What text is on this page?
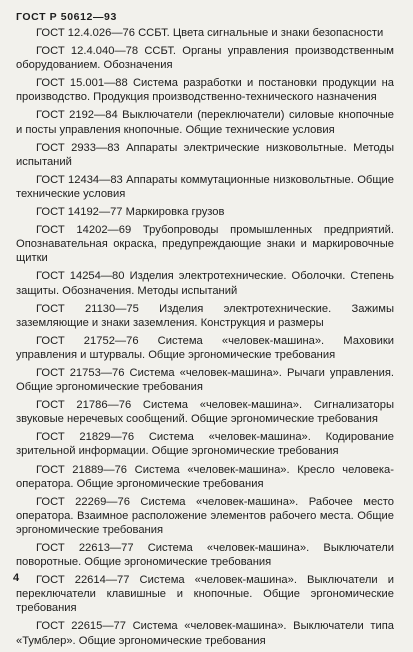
ГОСТ Р 50612—93

ГОСТ 12.4.026—76 ССБТ. Цвета сигнальные и знаки безопасности

ГОСТ 12.4.040—78 ССБТ. Органы управления производственным оборудованием. Обозначения

ГОСТ 15.001—88 Система разработки и постановки продукции на производство. Продукция производственно-технического назначения

ГОСТ 2192—84 Выключатели (переключатели) силовые кнопочные и посты управления кнопочные. Общие технические условия

ГОСТ 2933—83 Аппараты электрические низковольтные. Методы испытаний

ГОСТ 12434—83 Аппараты коммутационные низковольтные. Общие технические условия

ГОСТ 14192—77 Маркировка грузов

ГОСТ 14202—69 Трубопроводы промышленных предприятий. Опознавательная окраска, предупреждающие знаки и маркировочные щитки

ГОСТ 14254—80 Изделия электротехнические. Оболочки. Степень защиты. Обозначения. Методы испытаний

ГОСТ 21130—75 Изделия электротехнические. Зажимы заземляющие и знаки заземления. Конструкция и размеры

ГОСТ 21752—76 Система «человек-машина». Маховики управления и штурвалы. Общие эргономические требования

ГОСТ 21753—76 Система «человек-машина». Рычаги управления. Общие эргономические требования

ГОСТ 21786—76 Система «человек-машина». Сигнализаторы звуковые неречевых сообщений. Общие эргономические требования

ГОСТ 21829—76 Система «человек-машина». Кодирование зрительной информации. Общие эргономические требования

ГОСТ 21889—76 Система «человек-машина». Кресло человека-оператора. Общие эргономические требования

ГОСТ 22269—76 Система «человек-машина». Рабочее место оператора. Взаимное расположение элементов рабочего места. Общие эргономические требования

ГОСТ 22613—77 Система «человек-машина». Выключатели поворотные. Общие эргономические требования

ГОСТ 22614—77 Система «человек-машина». Выключатели и переключатели клавишные и кнопочные. Общие эргономические требования

ГОСТ 22615—77 Система «человек-машина». Выключатели типа «Тумблер». Общие эргономические требования

4
